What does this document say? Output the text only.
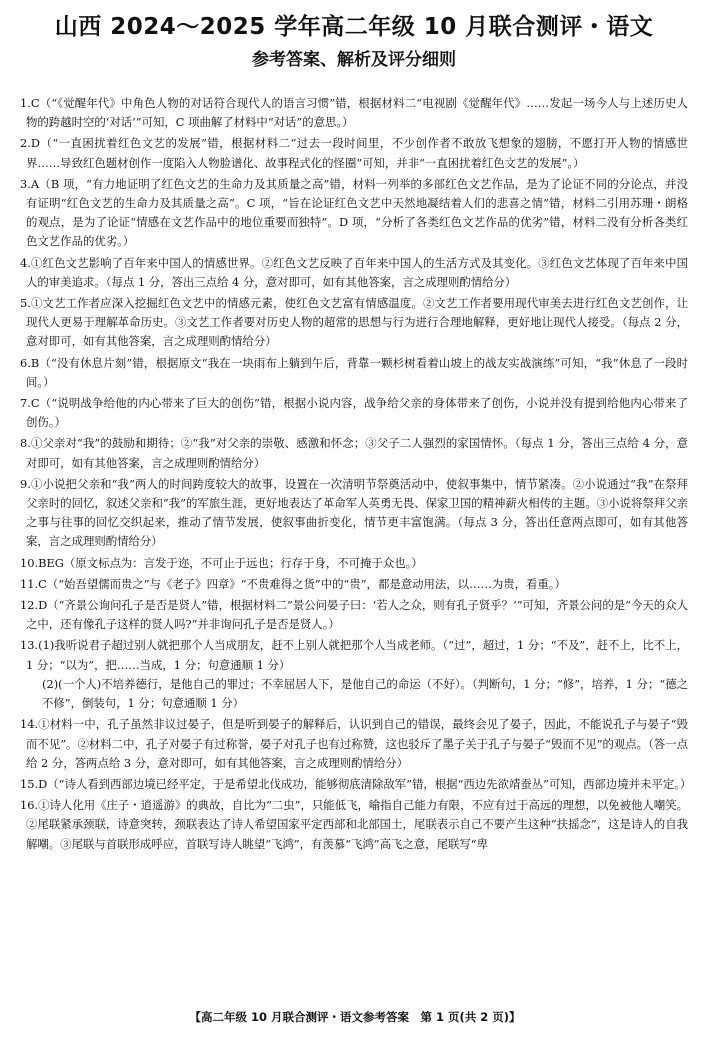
山西 2024～2025 学年高二年级 10 月联合测评・语文
参考答案、解析及评分细则

1.C（“《觉醒年代》中角色人物的对话符合现代人的语言习惯”错，根据材料二“电视剧《觉醒年代》……发起一场今人与上述历史人物的跨越时空的‘对话’”可知，C 项曲解了材料中“对话”的意思。）

2.D（“一直困扰着红色文艺的发展”错，根据材料二“过去一段时间里，不少创作者不敢放飞想象的翅膀，不愿打开人物的情感世界……导致红色题材创作一度陷入人物脸谱化、故事程式化的怪圈”可知，并非“一直困扰着红色文艺的发展”。）

3.A（B 项，“有力地证明了红色文艺的生命力及其质量之高”错，材料一列举的多部红色文艺作品，是为了论证不同的分论点，并没有证明“红色文艺的生命力及其质量之高”。C 项，“旨在论证红色文艺中天然地凝结着人们的悲喜之情”错，材料二引用苏珊・朗格的观点，是为了论证“情感在文艺作品中的地位重要而独特”。D 项，“分析了各类红色文艺作品的优劣”错，材料二没有分析各类红色文艺作品的优劣。）

4.①红色文艺影响了百年来中国人的情感世界。②红色文艺反映了百年来中国人的生活方式及其变化。③红色文艺体现了百年来中国人的审美追求。（每点 1 分，答出三点给 4 分，意对即可，如有其他答案，言之成理则酌情给分）

5.①文艺工作者应深入挖掘红色文艺中的情感元素，使红色文艺富有情感温度。②文艺工作者要用现代审美去进行红色文艺创作，让现代人更易于理解革命历史。③文艺工作者要对历史人物的超常的思想与行为进行合理地解释，更好地让现代人接受。（每点 2 分，意对即可，如有其他答案，言之成理则酌情给分）

6.B（“没有休息片刻”错，根据原文“我在一块雨布上躺到午后，背靠一颗杉树看着山坡上的战友实战演练”可知，“我”休息了一段时间。）

7.C（“说明战争给他的内心带来了巨大的创伤”错，根据小说内容，战争给父亲的身体带来了创伤，小说并没有提到给他内心带来了创伤。）

8.①父亲对“我”的鼓励和期待；②“我”对父亲的崇敬、感激和怀念；③父子二人强烈的家国情怀。（每点 1 分，答出三点给 4 分，意对即可，如有其他答案，言之成理则酌情给分）

9.①小说把父亲和“我”两人的时间跨度较大的故事，设置在一次清明节祭奠活动中，使叙事集中，情节紧凑。②小说通过“我”在祭拜父亲时的回忆，叙述父亲和“我”的军旅生涯，更好地表达了革命军人英勇无畏、保家卫国的精神薪火相传的主题。③小说将祭拜父亲之事与往事的回忆交织起来，推动了情节发展，使叙事曲折变化，情节更丰富饱满。（每点 3 分，答出任意两点即可，如有其他答案，言之成理则酌情给分）

10.BEG（原文标点为：言发于迩，不可止于远也；行存于身，不可掩于众也。）

11.C（“始吾望儒而贵之”与《老子》四章》“不贵难得之货”中的“贵”，都是意动用法，以……为贵，看重。）

12.D（“齐景公询问孔子是否是贤人”错，根据材料二“景公问晏子曰：‘若人之众，则有孔子贤乎？’”可知，齐景公问的是“今天的众人之中，还有像孔子这样的贤人吗?”并非询问孔子是否是贤人。）

13.(1)我听说君子超过别人就把那个人当成朋友，赶不上别人就把那个人当成老师。（“过”，超过，1 分；“不及”，赶不上，比不上，1 分；“以为”，把……当成，1 分；句意通顺 1 分）
(2)(一个人)不培养德行，是他自己的罪过；不幸屈居人下，是他自己的命运（不好）。（判断句，1 分；“修”，培养，1 分；“德之不修”，倒装句，1 分；句意通顺 1 分）

14.①材料一中，孔子虽然非议过晏子，但是听到晏子的解释后，认识到自己的错误，最终会见了晏子，因此，不能说孔子与晏子“毁而不见”。②材料二中，孔子对晏子有过称誉，晏子对孔子也有过称赞，这也驳斥了墨子关于孔子与晏子“毁而不见”的观点。（答一点给 2 分，答两点给 3 分，意对即可，如有其他答案，言之成理则酌情给分）

15.D（“诗人看到西部边境已经平定，于是希望北伐成功，能够彻底清除敌军”错，根据“西边先欲靖蚕丛”可知，西部边境并未平定。）

16.①诗人化用《庄子・逍遥游》的典故，自比为“二虫”，只能低飞，喻指自己能力有限，不应有过于高远的理想，以免被他人嘲笑。②尾联紧承颈联，诗意突转，颈联表达了诗人希望国家平定西部和北部国土，尾联表示自己不要产生这种“扶摇念”，这是诗人的自我解嘲。③尾联与首联形成呼应，首联写诗人眺望“飞鸿”，有羡慕“飞鸿”高飞之意，尾联写“卑

【高二年级 10 月联合测评・语文参考答案　第 1 页(共 2 页)】
